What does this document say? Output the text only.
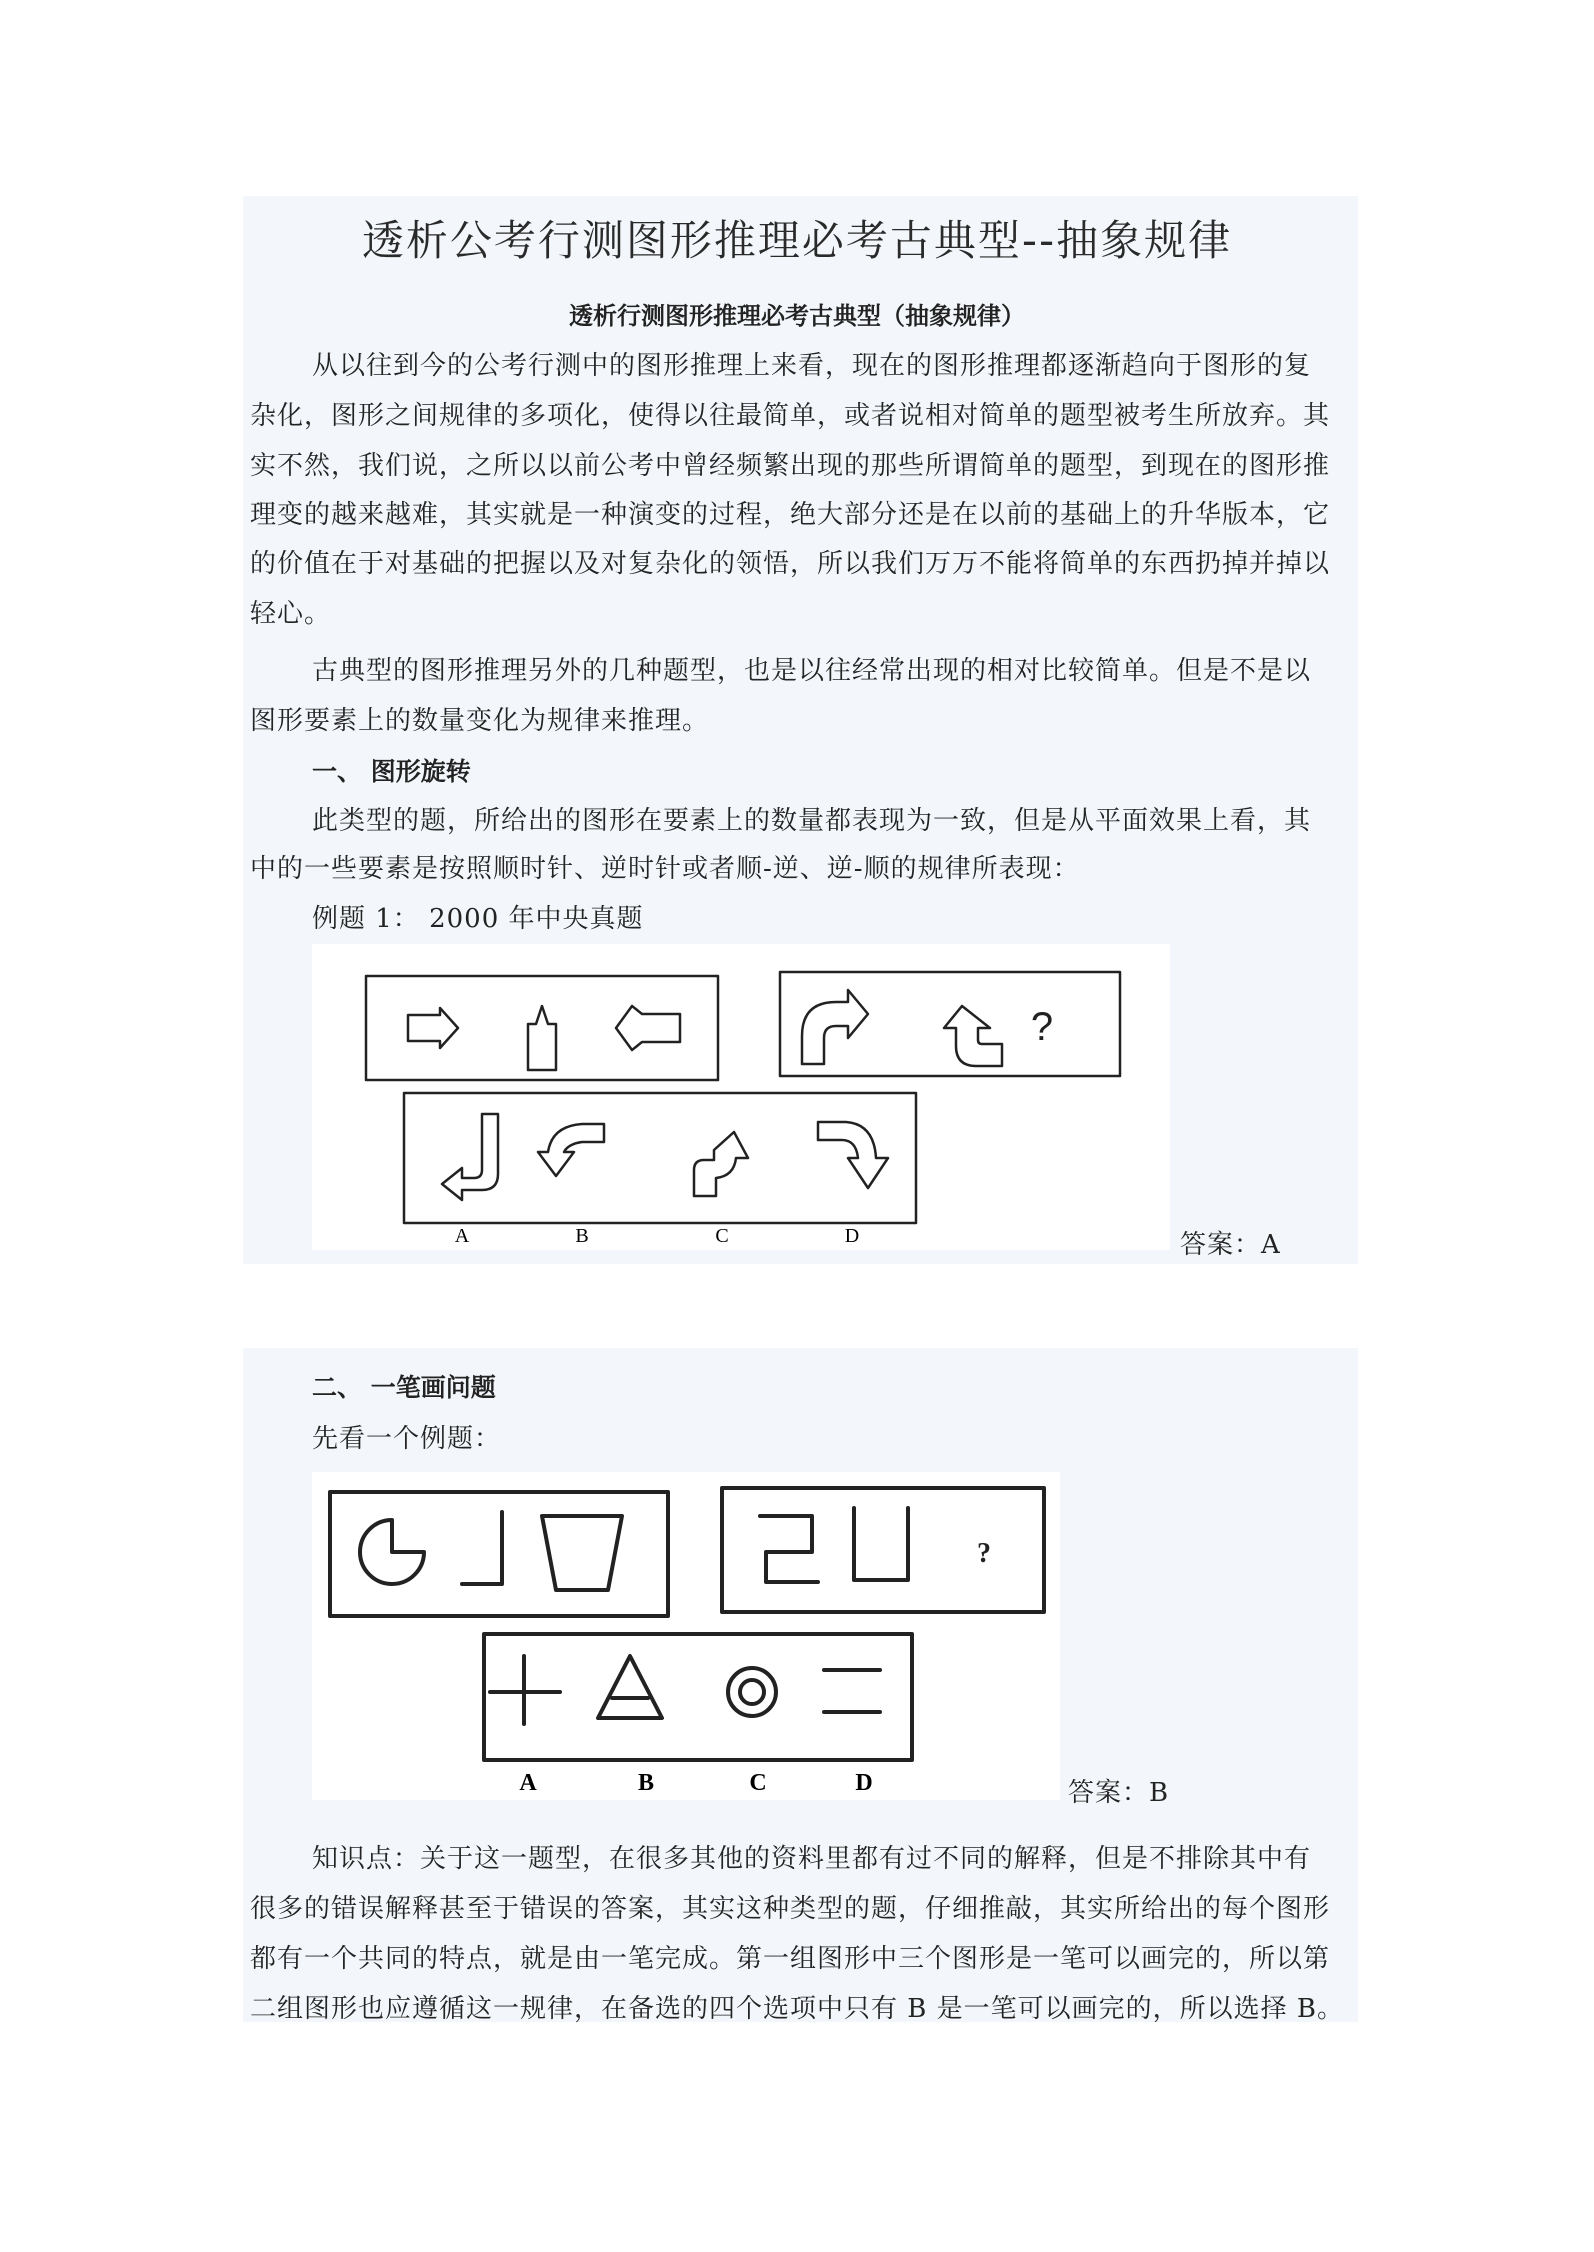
透析公考行测图形推理必考古典型--抽象规律
透析行测图形推理必考古典型（抽象规律）
从以往到今的公考行测中的图形推理上来看，现在的图形推理都逐渐趋向于图形的复
杂化，图形之间规律的多项化，使得以往最简单，或者说相对简单的题型被考生所放弃。其
实不然，我们说，之所以以前公考中曾经频繁出现的那些所谓简单的题型，到现在的图形推
理变的越来越难，其实就是一种演变的过程，绝大部分还是在以前的基础上的升华版本，它
的价值在于对基础的把握以及对复杂化的领悟，所以我们万万不能将简单的东西扔掉并掉以
轻心。
古典型的图形推理另外的几种题型，也是以往经常出现的相对比较简单。但是不是以
图形要素上的数量变化为规律来推理。
一、 图形旋转
此类型的题，所给出的图形在要素上的数量都表现为一致，但是从平面效果上看，其
中的一些要素是按照顺时针、逆时针或者顺-逆、逆-顺的规律所表现：
例题 1： 2000 年中央真题
?
A	B	C	D	答案：A
二、 一笔画问题
先看一个例题：
?
A	B	C	D	答案：B
知识点：关于这一题型，在很多其他的资料里都有过不同的解释，但是不排除其中有
很多的错误解释甚至于错误的答案，其实这种类型的题，仔细推敲，其实所给出的每个图形
都有一个共同的特点，就是由一笔完成。第一组图形中三个图形是一笔可以画完的，所以第
二组图形也应遵循这一规律，在备选的四个选项中只有 B 是一笔可以画完的，所以选择 B。
